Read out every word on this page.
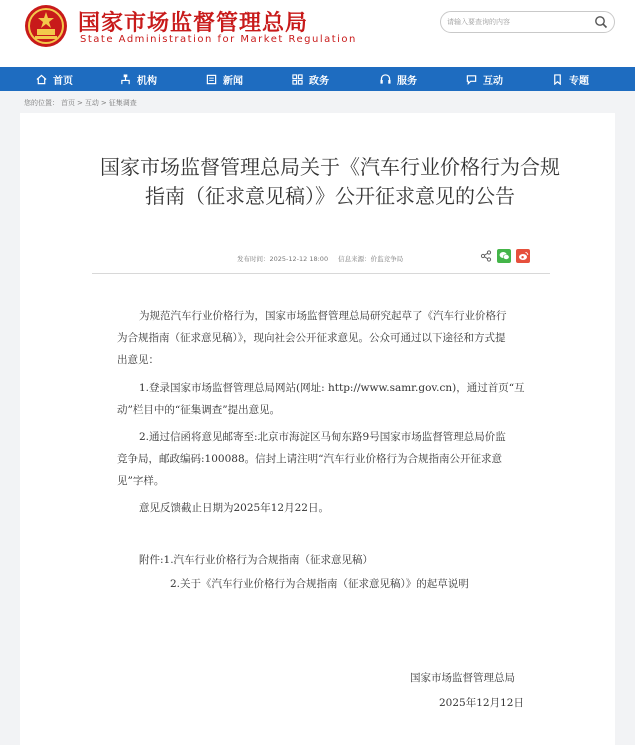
国家市场监督管理总局
State Administration for Market Regulation
请输入要查询的内容
首页	机构	新闻	政务	服务	互动	专题
您的位置： 首页 > 互动 > 征集调查
国家市场监督管理总局关于《汽车行业价格行为合规指南（征求意见稿）》公开征求意见的公告
发布时间：2025-12-12 18:00 信息来源：价监竞争局
为规范汽车行业价格行为，国家市场监督管理总局研究起草了《汽车行业价格行
为合规指南（征求意见稿）》，现向社会公开征求意见。公众可通过以下途径和方式提
出意见：
1.登录国家市场监督管理总局网站(网址: http://www.samr.gov.cn)，通过首页“互
动”栏目中的“征集调查”提出意见。
2.通过信函将意见邮寄至:北京市海淀区马甸东路9号国家市场监督管理总局价监
竞争局，邮政编码:100088。信封上请注明“汽车行业价格行为合规指南公开征求意
见”字样。
意见反馈截止日期为2025年12月22日。
附件:1.汽车行业价格行为合规指南（征求意见稿）
2.关于《汽车行业价格行为合规指南（征求意见稿）》的起草说明
国家市场监督管理总局
2025年12月12日
